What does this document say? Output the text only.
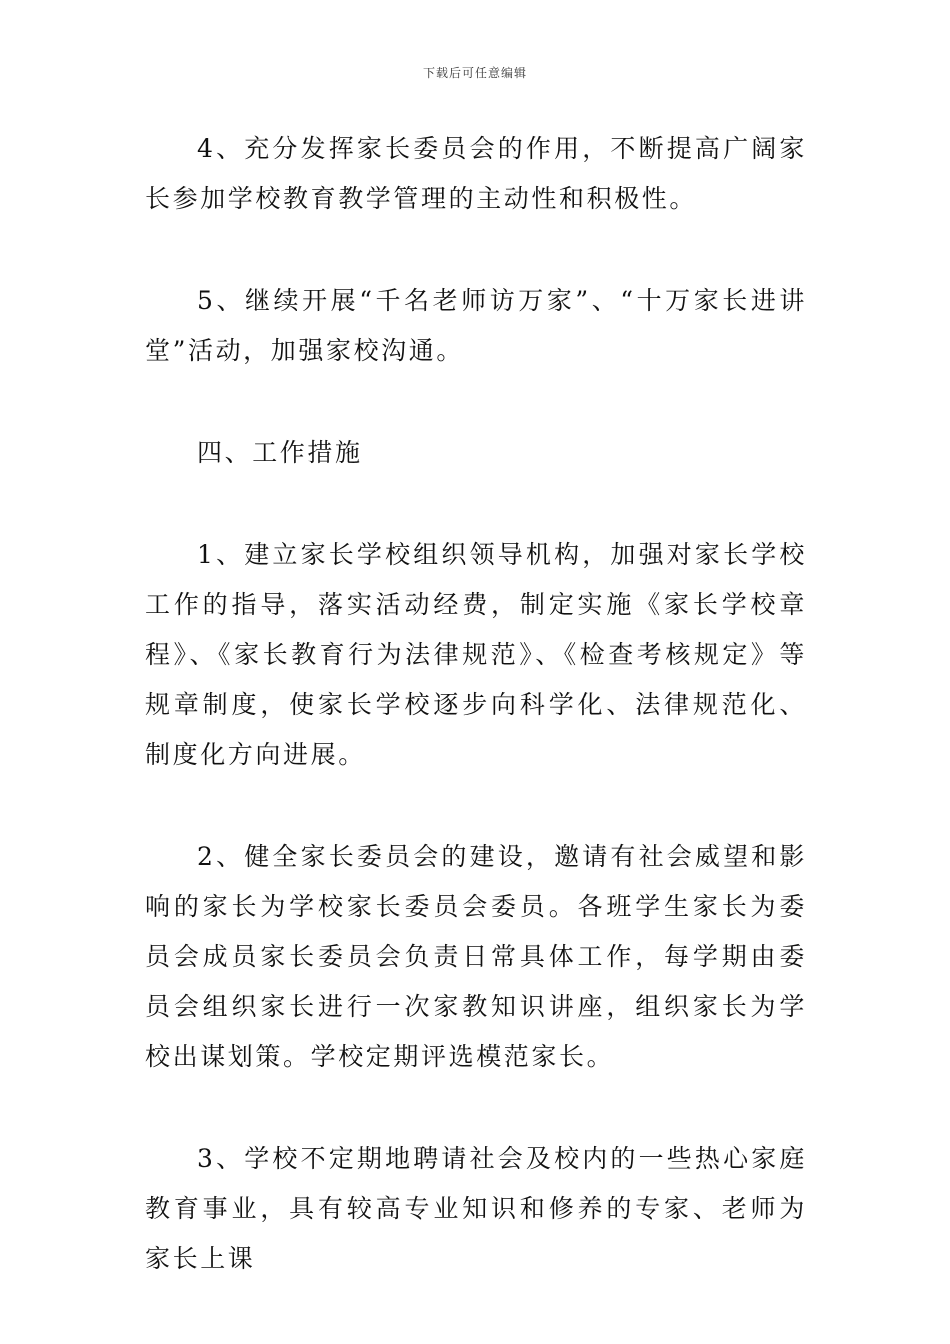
下载后可任意编辑

4、充分发挥家长委员会的作用，不断提高广阔家长参加学校教育教学管理的主动性和积极性。

5、继续开展“千名老师访万家”、“十万家长进讲堂”活动，加强家校沟通。

四、工作措施

1、建立家长学校组织领导机构，加强对家长学校工作的指导，落实活动经费，制定实施《家长学校章程》、《家长教育行为法律规范》、《检查考核规定》等规章制度，使家长学校逐步向科学化、法律规范化、制度化方向进展。

2、健全家长委员会的建设，邀请有社会威望和影响的家长为学校家长委员会委员。各班学生家长为委员会成员家长委员会负责日常具体工作，每学期由委员会组织家长进行一次家教知识讲座，组织家长为学校出谋划策。学校定期评选模范家长。

3、学校不定期地聘请社会及校内的一些热心家庭教育事业，具有较高专业知识和修养的专家、老师为家长上课
